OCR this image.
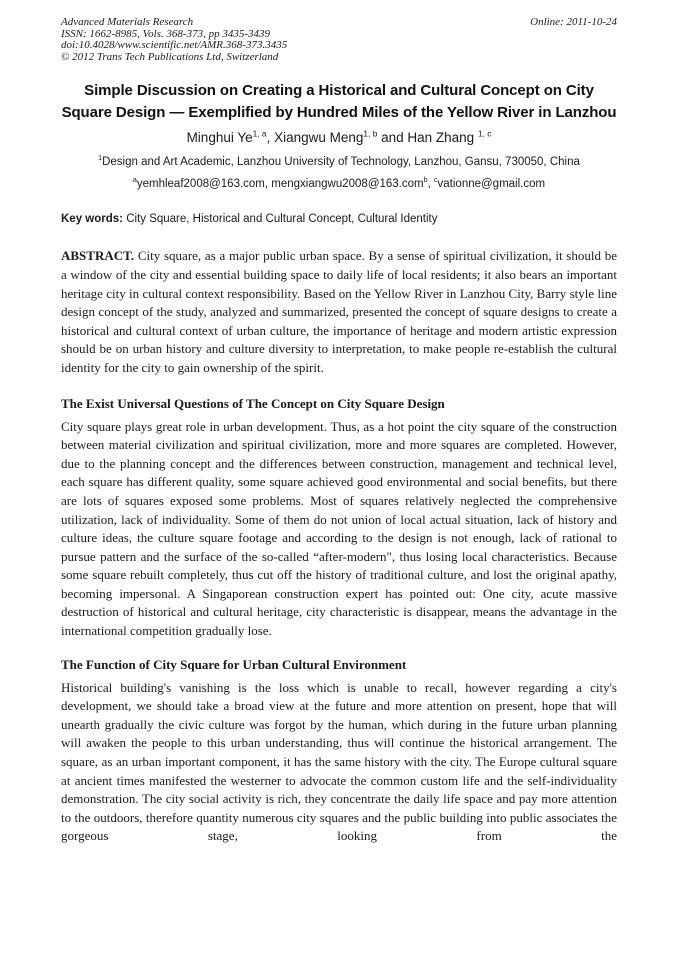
Advanced Materials Research	Online: 2011-10-24
ISSN: 1662-8985, Vols. 368-373, pp 3435-3439
doi:10.4028/www.scientific.net/AMR.368-373.3435
© 2012 Trans Tech Publications Ltd, Switzerland
Simple Discussion on Creating a Historical and Cultural Concept on City Square Design — Exemplified by Hundred Miles of the Yellow River in Lanzhou
Minghui Ye$^{1, a}$, Xiangwu Meng$^{1, b}$ and Han Zhang $^{1, c}$
$^1$Design and Art Academic, Lanzhou University of Technology, Lanzhou, Gansu, 730050, China
$^a$yemhleaf2008@163.com, mengxiangwu2008@163.com$^b$, $^c$vationne@gmail.com
Key words: City Square, Historical and Cultural Concept, Cultural Identity

ABSTRACT. City square, as a major public urban space. By a sense of spiritual civilization, it should be a window of the city and essential building space to daily life of local residents; it also bears an important heritage city in cultural context responsibility. Based on the Yellow River in Lanzhou City, Barry style line design concept of the study, analyzed and summarized, presented the concept of square designs to create a historical and cultural context of urban culture, the importance of heritage and modern artistic expression should be on urban history and culture diversity to interpretation, to make people re-establish the cultural identity for the city to gain ownership of the spirit.

The Exist Universal Questions of The Concept on City Square Design

City square plays great role in urban development. Thus, as a hot point the city square of the construction between material civilization and spiritual civilization, more and more squares are completed. However, due to the planning concept and the differences between construction, management and technical level, each square has different quality, some square achieved good environmental and social benefits, but there are lots of squares exposed some problems. Most of squares relatively neglected the comprehensive utilization, lack of individuality. Some of them do not union of local actual situation, lack of history and culture ideas, the culture square footage and according to the design is not enough, lack of rational to pursue pattern and the surface of the so-called “after-modern", thus losing local characteristics. Because some square rebuilt completely, thus cut off the history of traditional culture, and lost the original apathy, becoming impersonal. A Singaporean construction expert has pointed out: One city, acute massive destruction of historical and cultural heritage, city characteristic is disappear, means the advantage in the international competition gradually lose.

The Function of City Square for Urban Cultural Environment

Historical building's vanishing is the loss which is unable to recall, however regarding a city's development, we should take a broad view at the future and more attention on present, hope that will unearth gradually the civic culture was forgot by the human, which during in the future urban planning will awaken the people to this urban understanding, thus will continue the historical arrangement. The square, as an urban important component, it has the same history with the city. The Europe cultural square at ancient times manifested the westerner to advocate the common custom life and the self-individuality demonstration. The city social activity is rich, they concentrate the daily life space and pay more attention to the outdoors, therefore quantity numerous city squares and the public building into public associates the gorgeous stage, looking from the
